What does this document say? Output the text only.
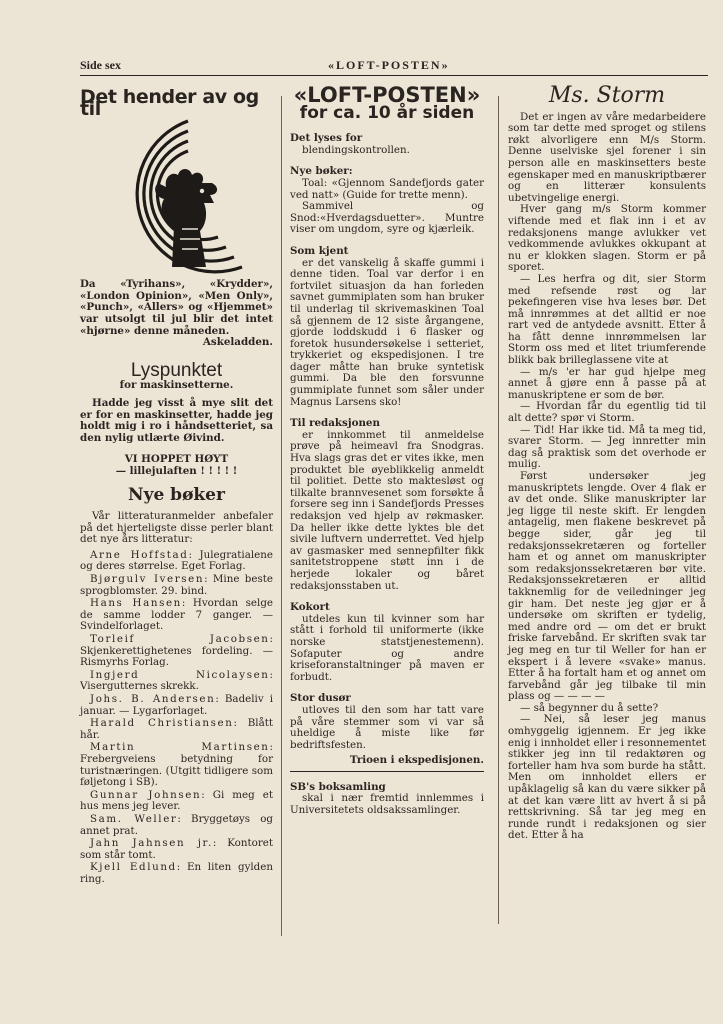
Side sex	«LOFT-POSTEN»
Det hender av og til

Da «Tyrihans», «Krydder», «London Opinion», «Men Only», «Punch», «Allers» og «Hjemmet» var utsolgt til jul blir det intet «hjørne» denne måneden.

Askeladden.

Lyspunktet

for maskinsetterne.

Hadde jeg visst å mye slit det er for en maskinsetter, hadde jeg holdt mig i ro i håndsetteriet, sa den nylig utlærte Øivind.

VI HOPPET HØYT

— lillejulaften ! ! ! ! !

Nye bøker

Vår litteraturanmelder anbefaler på det hjerteligste disse perler blant det nye års litteratur:

Arne Hoffstad: Julegratialene og deres størrelse. Eget Forlag.

Bjørgulv Iversen: Mine beste sprogblomster. 29. bind.

Hans Hansen: Hvordan selge de samme lodder 7 ganger. — Svindelforlaget.

Torleif Jacobsen: Skjenkerettighetenes fordeling. — Rismyrhs Forlag.

Ingjerd Nicolaysen: Visergutternes skrekk.

Johs. B. Andersen: Badeliv i januar. — Lygarforlaget.

Harald Christiansen: Blått hår.

Martin Martinsen: Frebergveiens betydning for turistnæringen. (Utgitt tidligere som føljetong i SB).

Gunnar Johnsen: Gi meg et hus mens jeg lever.

Sam. Weller: Bryggetøys og annet prat.

Jahn Jahnsen jr.: Kontoret som står tomt.

Kjell Edlund: En liten gylden ring.

«LOFT-POSTEN»
for ca. 10 år siden

Det lyses for

blendingskontrollen.

Nye bøker:

Toal: «Gjennom Sandefjords gater ved natt» (Guide for trette menn).

Sammivel og Snod:«Hverdagsduetter». Muntre viser om ungdom, syre og kjærleik.

Som kjent

er det vanskelig å skaffe gummi i denne tiden. Toal var derfor i en fortvilet situasjon da han forleden savnet gummiplaten som han bruker til underlag til skrivemaskinen Toal så gjennem de 12 siste årgangene, gjorde loddskudd i 6 flasker og foretok husundersøkelse i setteriet, trykkeriet og ekspedisjonen. I tre dager måtte han bruke syntetisk gummi. Da ble den forsvunne gummiplate funnet som såler under Magnus Larsens sko!

Til redaksjonen

er innkommet til anmeldelse prøve på heimeavl fra Snodgras. Hva slags gras det er vites ikke, men produktet ble øyeblikkelig anmeldt til politiet. Dette sto maktesløst og tilkalte brannvesenet som forsøkte å forsere seg inn i Sandefjords Presses redaksjon ved hjelp av røkmasker. Da heller ikke dette lyktes ble det sivile luftvern underrettet. Ved hjelp av gasmasker med sennepfilter fikk sanitetstroppene støtt inn i de herjede lokaler og båret redaksjonsstaben ut.

Kokort

utdeles kun til kvinner som har stått i forhold til uniformerte (ikke norske statstjenestemenn). Sofaputer og andre kriseforanstaltninger på maven er forbudt.

Stor dusør

utloves til den som har tatt vare på våre stemmer som vi var så uheldige å miste like før bedriftsfesten.

Trioen i ekspedisjonen.

SB's boksamling

skal i nær fremtid innlemmes i Universitetets oldsakssamlinger.

Ms. Storm

Det er ingen av våre medarbeidere som tar dette med sproget og stilens røkt alvorligere enn M/s Storm. Denne uselviske sjel forener i sin person alle en maskinsetters beste egenskaper med en manuskriptbærer og en litterær konsulents ubetvingelige energi.

Hver gang m/s Storm kommer viftende med et flak inn i et av redaksjonens mange avlukker vet vedkommende avlukkes okkupant at nu er klokken slagen. Storm er på sporet.

— Les herfra og dit, sier Storm med refsende røst og lar pekefingeren vise hva leses bør. Det må innrømmes at det alltid er noe rart ved de antydede avsnitt. Etter å ha fått denne innrømmelsen lar Storm oss med et litet triumferende blikk bak brilleglassene vite at

— m/s 'er har gud hjelpe meg annet å gjøre enn å passe på at manuskriptene er som de bør.

— Hvordan får du egentlig tid til alt dette? spør vi Storm.

— Tid! Har ikke tid. Må ta meg tid, svarer Storm. — Jeg innretter min dag så praktisk som det overhode er mulig.

Først undersøker jeg manuskriptets lengde. Over 4 flak er av det onde. Slike manuskripter lar jeg ligge til neste skift. Er lengden antagelig, men flakene beskrevet på begge sider, går jeg til redaksjonssekretæren og forteller ham et og annet om manuskripter som redaksjonssekretæren bør vite. Redaksjonssekretæren er alltid takknemlig for de veiledninger jeg gir ham. Det neste jeg gjør er å undersøke om skriften er tydelig, med andre ord — om det er brukt friske farvebånd. Er skriften svak tar jeg meg en tur til Weller for han er ekspert i å levere «svake» manus. Etter å ha fortalt ham et og annet om farvebånd går jeg tilbake til min plass og — — — —

— så begynner du å sette?

— Nei, så leser jeg manus omhyggelig igjennem. Er jeg ikke enig i innholdet eller i resonnementet stikker jeg inn til redaktøren og forteller ham hva som burde ha stått. Men om innholdet ellers er upåklagelig så kan du være sikker på at det kan være litt av hvert å si på rettskrivning. Så tar jeg meg en runde rundt i redaksjonen og sier det. Etter å ha
